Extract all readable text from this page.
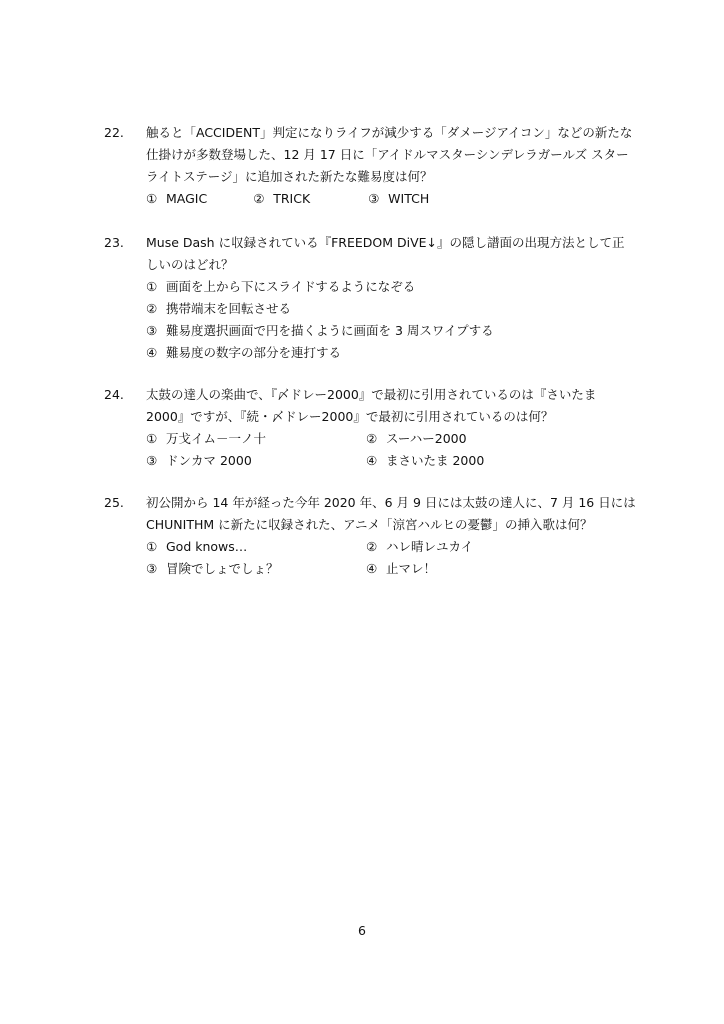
22.	触ると「ACCIDENT」判定になりライフが減少する「ダメージアイコン」などの新たな仕掛けが多数登場した、12 月 17 日に「アイドルマスターシンデレラガールズ スターライトステージ」に追加された新たな難易度は何？

① MAGIC	② TRICK	③ WITCH
23.	Muse Dash に収録されている『FREEDOM DiVE↓』の隠し譜面の出現方法として正しいのはどれ？

① 画面を上から下にスライドするようになぞる
② 携帯端末を回転させる
③ 難易度選択画面で円を描くように画面を 3 周スワイプする
④ 難易度の数字の部分を連打する
24.	太鼓の達人の楽曲で、『〆ドレー2000』で最初に引用されているのは『さいたま 2000』ですが、『続・〆ドレー2000』で最初に引用されているのは何？

① 万戈イム－一ノ十	② スーハー2000
③ ドンカマ 2000	④ まさいたま 2000
25.	初公開から 14 年が経った今年 2020 年、6 月 9 日には太鼓の達人に、7 月 16 日にはCHUNITHM に新たに収録された、アニメ「涼宮ハルヒの憂鬱」の挿入歌は何？

① God knows…	② ハレ晴レユカイ
③ 冒険でしょでしょ？	④ 止マレ！
6
